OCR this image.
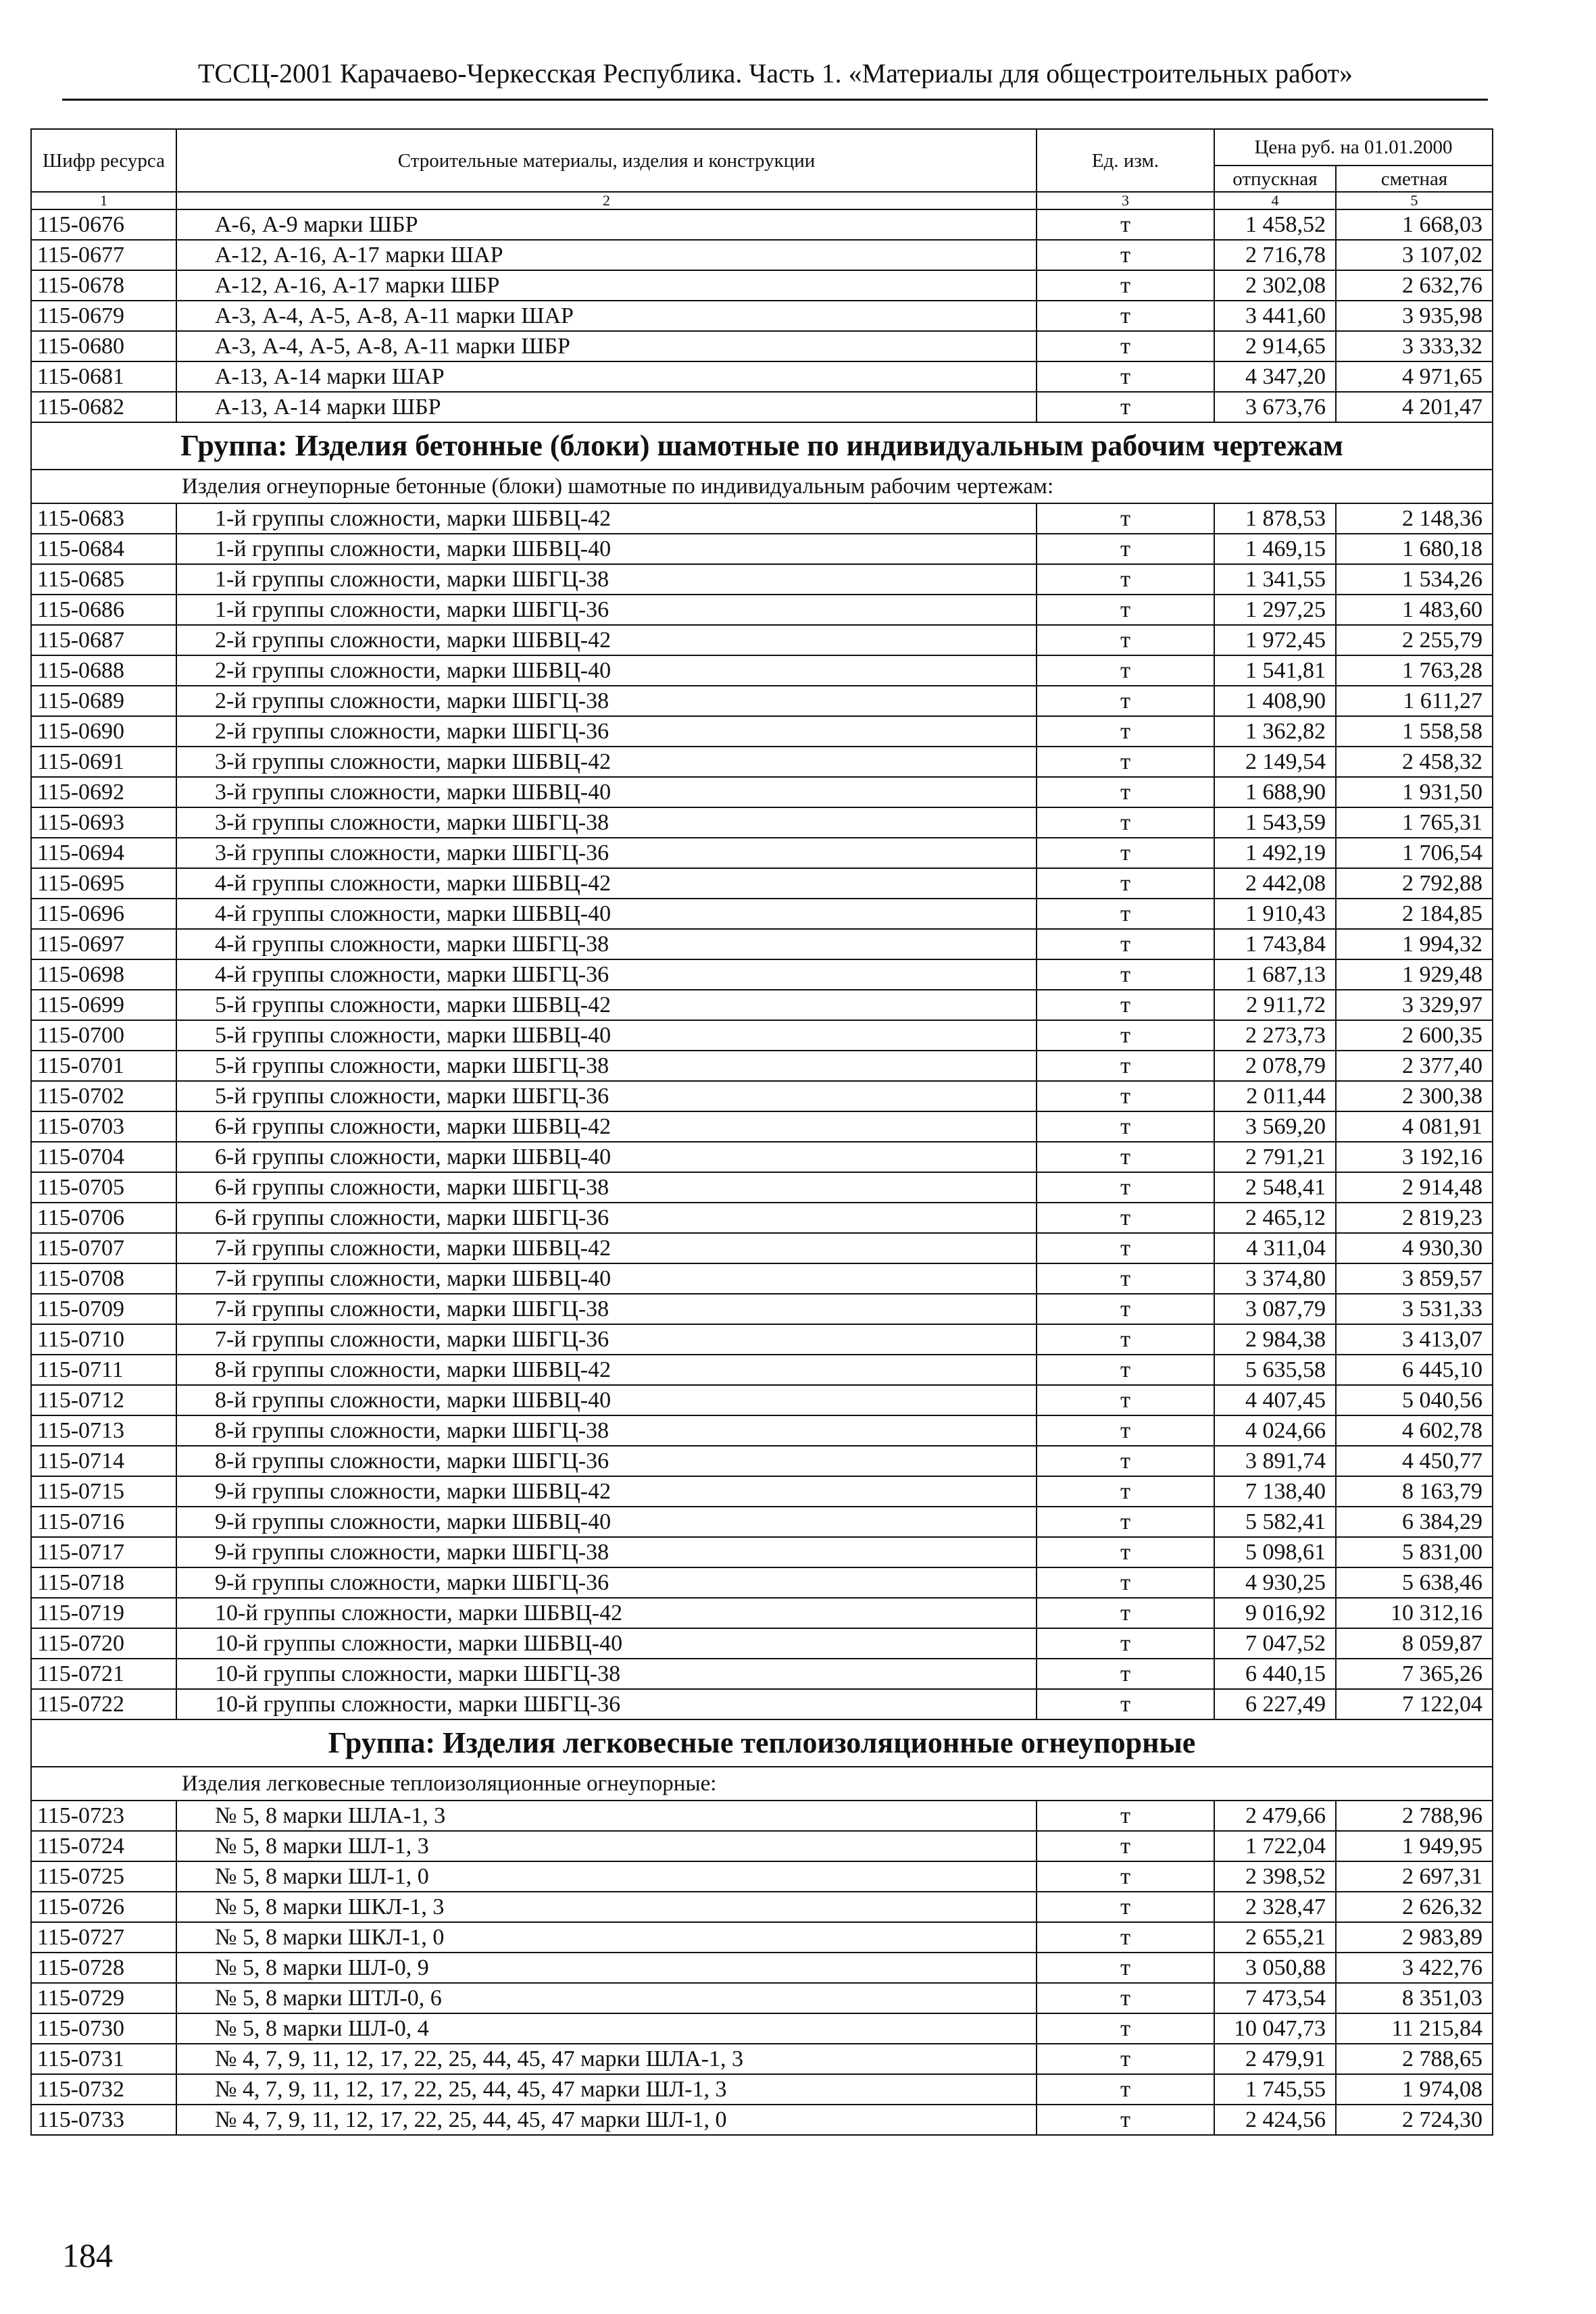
ТССЦ-2001 Карачаево-Черкесская Республика. Часть 1. «Материалы для общестроительных работ»
Шифр ресурса	Строительные материалы, изделия и конструкции	Ед. изм.	Цена руб. на 01.01.2000	
			отпускная	сметная
1	2	3	4	5
115-0676	А-6, А-9 марки ШБР	т	1 458,52	1 668,03
115-0677	А-12, А-16, А-17 марки ШАР	т	2 716,78	3 107,02
115-0678	А-12, А-16, А-17 марки ШБР	т	2 302,08	2 632,76
115-0679	А-3, А-4, А-5, А-8, А-11 марки ШАР	т	3 441,60	3 935,98
115-0680	А-3, А-4, А-5, А-8, А-11 марки ШБР	т	2 914,65	3 333,32
115-0681	А-13, А-14 марки ШАР	т	4 347,20	4 971,65
115-0682	А-13, А-14 марки ШБР	т	3 673,76	4 201,47
Группа: Изделия бетонные (блоки) шамотные по индивидуальным рабочим чертежам				
Изделия огнеупорные бетонные (блоки) шамотные по индивидуальным рабочим чертежам:				
115-0683	1-й группы сложности, марки ШБВЦ-42	т	1 878,53	2 148,36
115-0684	1-й группы сложности, марки ШБВЦ-40	т	1 469,15	1 680,18
115-0685	1-й группы сложности, марки ШБГЦ-38	т	1 341,55	1 534,26
115-0686	1-й группы сложности, марки ШБГЦ-36	т	1 297,25	1 483,60
115-0687	2-й группы сложности, марки ШБВЦ-42	т	1 972,45	2 255,79
115-0688	2-й группы сложности, марки ШБВЦ-40	т	1 541,81	1 763,28
115-0689	2-й группы сложности, марки ШБГЦ-38	т	1 408,90	1 611,27
115-0690	2-й группы сложности, марки ШБГЦ-36	т	1 362,82	1 558,58
115-0691	3-й группы сложности, марки ШБВЦ-42	т	2 149,54	2 458,32
115-0692	3-й группы сложности, марки ШБВЦ-40	т	1 688,90	1 931,50
115-0693	3-й группы сложности, марки ШБГЦ-38	т	1 543,59	1 765,31
115-0694	3-й группы сложности, марки ШБГЦ-36	т	1 492,19	1 706,54
115-0695	4-й группы сложности, марки ШБВЦ-42	т	2 442,08	2 792,88
115-0696	4-й группы сложности, марки ШБВЦ-40	т	1 910,43	2 184,85
115-0697	4-й группы сложности, марки ШБГЦ-38	т	1 743,84	1 994,32
115-0698	4-й группы сложности, марки ШБГЦ-36	т	1 687,13	1 929,48
115-0699	5-й группы сложности, марки ШБВЦ-42	т	2 911,72	3 329,97
115-0700	5-й группы сложности, марки ШБВЦ-40	т	2 273,73	2 600,35
115-0701	5-й группы сложности, марки ШБГЦ-38	т	2 078,79	2 377,40
115-0702	5-й группы сложности, марки ШБГЦ-36	т	2 011,44	2 300,38
115-0703	6-й группы сложности, марки ШБВЦ-42	т	3 569,20	4 081,91
115-0704	6-й группы сложности, марки ШБВЦ-40	т	2 791,21	3 192,16
115-0705	6-й группы сложности, марки ШБГЦ-38	т	2 548,41	2 914,48
115-0706	6-й группы сложности, марки ШБГЦ-36	т	2 465,12	2 819,23
115-0707	7-й группы сложности, марки ШБВЦ-42	т	4 311,04	4 930,30
115-0708	7-й группы сложности, марки ШБВЦ-40	т	3 374,80	3 859,57
115-0709	7-й группы сложности, марки ШБГЦ-38	т	3 087,79	3 531,33
115-0710	7-й группы сложности, марки ШБГЦ-36	т	2 984,38	3 413,07
115-0711	8-й группы сложности, марки ШБВЦ-42	т	5 635,58	6 445,10
115-0712	8-й группы сложности, марки ШБВЦ-40	т	4 407,45	5 040,56
115-0713	8-й группы сложности, марки ШБГЦ-38	т	4 024,66	4 602,78
115-0714	8-й группы сложности, марки ШБГЦ-36	т	3 891,74	4 450,77
115-0715	9-й группы сложности, марки ШБВЦ-42	т	7 138,40	8 163,79
115-0716	9-й группы сложности, марки ШБВЦ-40	т	5 582,41	6 384,29
115-0717	9-й группы сложности, марки ШБГЦ-38	т	5 098,61	5 831,00
115-0718	9-й группы сложности, марки ШБГЦ-36	т	4 930,25	5 638,46
115-0719	10-й группы сложности, марки ШБВЦ-42	т	9 016,92	10 312,16
115-0720	10-й группы сложности, марки ШБВЦ-40	т	7 047,52	8 059,87
115-0721	10-й группы сложности, марки ШБГЦ-38	т	6 440,15	7 365,26
115-0722	10-й группы сложности, марки ШБГЦ-36	т	6 227,49	7 122,04
Группа: Изделия легковесные теплоизоляционные огнеупорные				
Изделия легковесные теплоизоляционные огнеупорные:				
115-0723	№ 5, 8 марки ШЛА-1, 3	т	2 479,66	2 788,96
115-0724	№ 5, 8 марки ШЛ-1, 3	т	1 722,04	1 949,95
115-0725	№ 5, 8 марки ШЛ-1, 0	т	2 398,52	2 697,31
115-0726	№ 5, 8 марки ШКЛ-1, 3	т	2 328,47	2 626,32
115-0727	№ 5, 8 марки ШКЛ-1, 0	т	2 655,21	2 983,89
115-0728	№ 5, 8 марки ШЛ-0, 9	т	3 050,88	3 422,76
115-0729	№ 5, 8 марки ШТЛ-0, 6	т	7 473,54	8 351,03
115-0730	№ 5, 8 марки ШЛ-0, 4	т	10 047,73	11 215,84
115-0731	№ 4, 7, 9, 11, 12, 17, 22, 25, 44, 45, 47 марки ШЛА-1, 3	т	2 479,91	2 788,65
115-0732	№ 4, 7, 9, 11, 12, 17, 22, 25, 44, 45, 47 марки ШЛ-1, 3	т	1 745,55	1 974,08
115-0733	№ 4, 7, 9, 11, 12, 17, 22, 25, 44, 45, 47 марки ШЛ-1, 0	т	2 424,56	2 724,30
184
